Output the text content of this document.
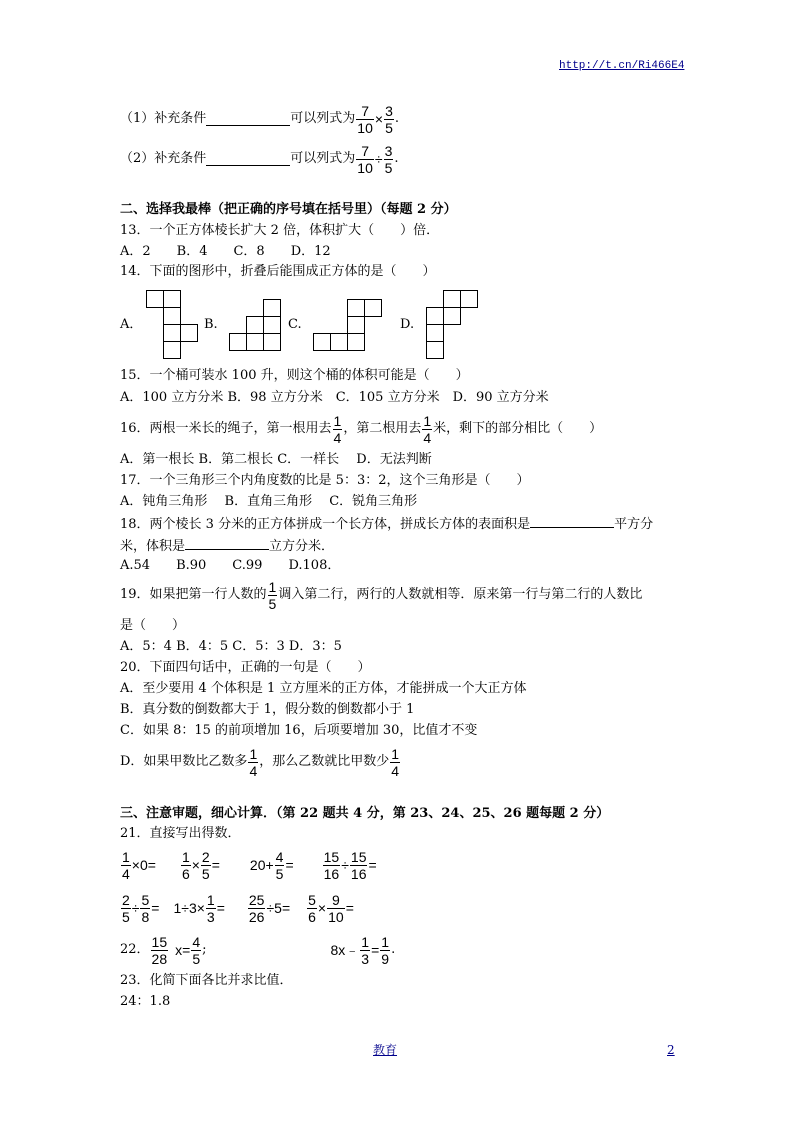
http://t.cn/Ri466E4
（1）补充条件	可以列式为 $\frac{7}{10} \times \frac{3}{5}$ .
（2）补充条件	可以列式为 $\frac{7}{10} \div \frac{3}{5}$ .
二、选择我最棒（把正确的序号填在括号里）（每题 2 分）
13．一个正方体棱长扩大 2 倍，体积扩大（　　）倍．
A．2　　B．4　　C．8　　D．12
14．下面的图形中，折叠后能围成正方体的是（　　）
A．	B.	C.	D.
15．一个桶可装水 100 升，则这个桶的体积可能是（　　）
A．100 立方分米 B．98 立方分米　C．105 立方分米　D．90 立方分米
16．两根一米长的绳子，第一根用去 $\frac{1}{4}$ ，第二根用去 $\frac{1}{4}$ 米，剩下的部分相比（　　）
A．第一根长 B．第二根长 C．一样长　 D．无法判断
17．一个三角形三个内角度数的比是 5：3：2，这个三角形是（　　）
A．钝角三角形　 B．直角三角形　 C．锐角三角形
18．两个棱长 3 分米的正方体拼成一个长方体，拼成长方体的表面积是	平方分
米，体积是	立方分米．
A.54　　B.90　　C.99　　D.108．
19．如果把第一行人数的 $\frac{1}{5}$ 调入第二行，两行的人数就相等．原来第一行与第二行的人数比
是（　　）
A．5：4 B．4：5 C．5：3 D．3：5
20．下面四句话中，正确的一句是（　　）
A．至少要用 4 个体积是 1 立方厘米的正方体，才能拼成一个大正方体
B．真分数的倒数都大于 1，假分数的倒数都小于 1
C．如果 8：15 的前项增加 16，后项要增加 30，比值才不变
D．如果甲数比乙数多 $\frac{1}{4}$ ，那么乙数就比甲数少 $\frac{1}{4}$
三、注意审题，细心计算．（第 22 题共 4 分，第 23、24、25、26 题每题 2 分）
21．直接写出得数．
$\frac{1}{4} \times 0= \frac{1}{6} \times \frac{2}{5} = 20+ \frac{4}{5} = \frac{15}{16} \div \frac{15}{16}$ =
$\frac{2}{5} \div \frac{5}{8} = 1\div 3\times \frac{1}{3} = \frac{25}{26} \div 5= \frac{5}{6} \times \frac{9}{10}$ =
22． $\frac{15}{28} x= \frac{4}{5}$ ;	8x﹣ $\frac{1}{3} = \frac{1}{9}$ .
23．化简下面各比并求比值．
24：1.8
教育	2
